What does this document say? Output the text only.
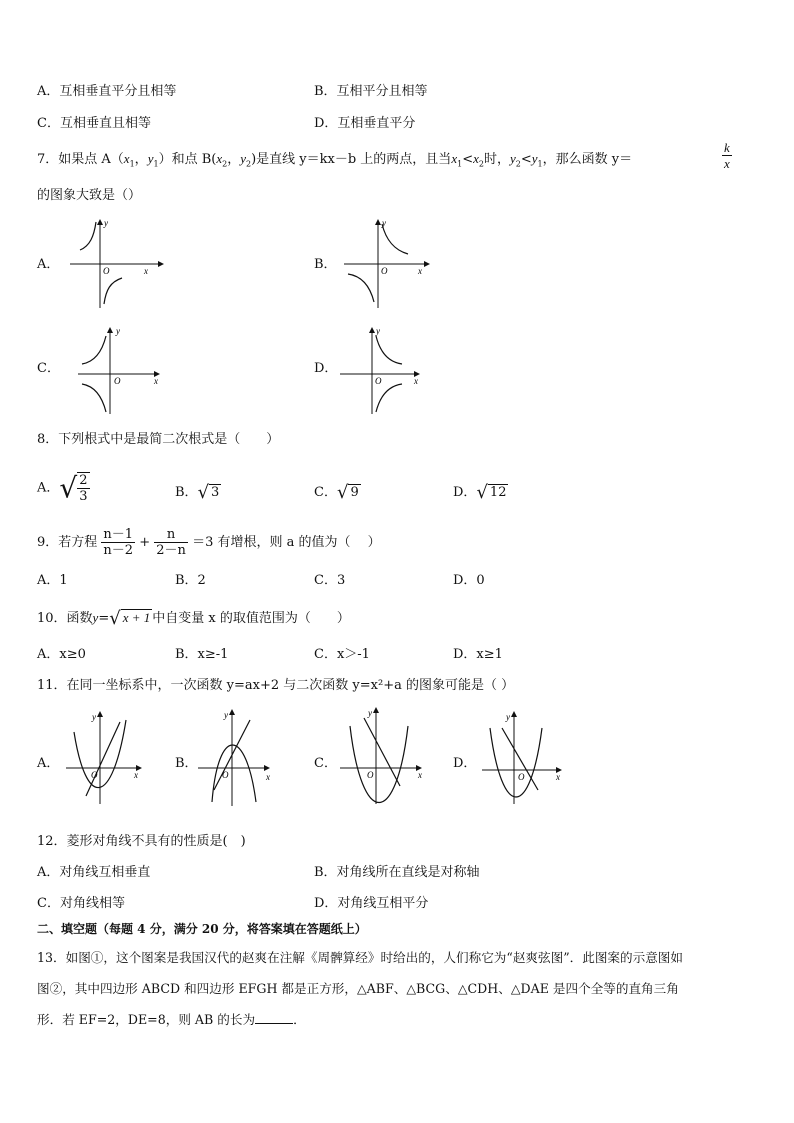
A．互相垂直平分且相等	B．互相平分且相等
C．互相垂直且相等	D．互相垂直平分
7．如果点 $A(x_1$，$y_1$）和点 $B(x_2$，$y_2$)是直线 y＝kx－b 上的两点，且当$x_1<x_2$时，$y_2<y_1$，那么函数 y＝	$\frac{k}{x}$
的图象大致是（）
A．	O	x
y
B．	O	x
y
C．
O	x
y
D．
O	x
y
8．下列根式中是最简二次根式是（　　）
A．√ $\frac{2}{3}$	B．√ 3	C．√ 9	D．√ 12
9．若方程 $\frac{n-1}{n-2} + \frac{n}{2-n} =3$ 有增根，则 a 的值为（　 ）
A．1	B．2	C．3	D．0
10．函数y=√ x + 1 中自变量 x 的取值范围为（　　）
A．x≥0	B．x≥-1	C．x＞-1	D．x≥1
11．在同一坐标系中，一次函数 y=ax+2 与二次函数 y=x²+a 的图象可能是（ ）
A．
O	x
y
B．
O	x
y
C．
O	x
y
D．
O	x
y
12．菱形对角线不具有的性质是(　)
A．对角线互相垂直	B．对角线所在直线是对称轴
C．对角线相等	D．对角线互相平分
二、填空题（每题 4 分，满分 20 分，将答案填在答题纸上）
13．如图①，这个图案是我国汉代的赵爽在注解《周髀算经》时给出的，人们称它为“赵爽弦图”．此图案的示意图如
图②，其中四边形 ABCD 和四边形 EFGH 都是正方形，△ABF、△BCG、△CDH、△DAE 是四个全等的直角三角
形．若 EF=2，DE=8，则 AB 的长为	．
